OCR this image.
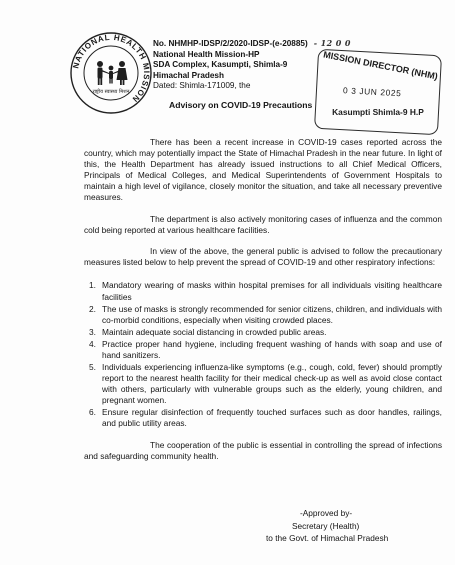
NATIONAL HEALTH MISSION
राष्ट्रीय स्वास्थ्य मिशन
No. NHMHP-IDSP/2/2020-IDSP-(e-20885) - 12 0 0
National Health Mission-HP
SDA Complex, Kasumpti, Shimla-9
Himachal Pradesh
Dated: Shimla-171009, the
Advisory on COVID-19 Precautions
MISSION DIRECTOR (NHM)
0 3 JUN 2025
Kasumpti Shimla-9 H.P

There has been a recent increase in COVID-19 cases reported across the country, which may potentially impact the State of Himachal Pradesh in the near future. In light of this, the Health Department has already issued instructions to all Chief Medical Officers, Principals of Medical Colleges, and Medical Superintendents of Government Hospitals to maintain a high level of vigilance, closely monitor the situation, and take all necessary preventive measures.

The department is also actively monitoring cases of influenza and the common cold being reported at various healthcare facilities.

In view of the above, the general public is advised to follow the precautionary measures listed below to help prevent the spread of COVID-19 and other respiratory infections:

1. Mandatory wearing of masks within hospital premises for all individuals visiting healthcare facilities
2. The use of masks is strongly recommended for senior citizens, children, and individuals with co-morbid conditions, especially when visiting crowded places.
3. Maintain adequate social distancing in crowded public areas.
4. Practice proper hand hygiene, including frequent washing of hands with soap and use of hand sanitizers.
5. Individuals experiencing influenza-like symptoms (e.g., cough, cold, fever) should promptly report to the nearest health facility for their medical check-up as well as avoid close contact with others, particularly with vulnerable groups such as the elderly, young children, and pregnant women.
6. Ensure regular disinfection of frequently touched surfaces such as door handles, railings, and public utility areas.

The cooperation of the public is essential in controlling the spread of infections and safeguarding community health.

-Approved by-
Secretary (Health)
to the Govt. of Himachal Pradesh
